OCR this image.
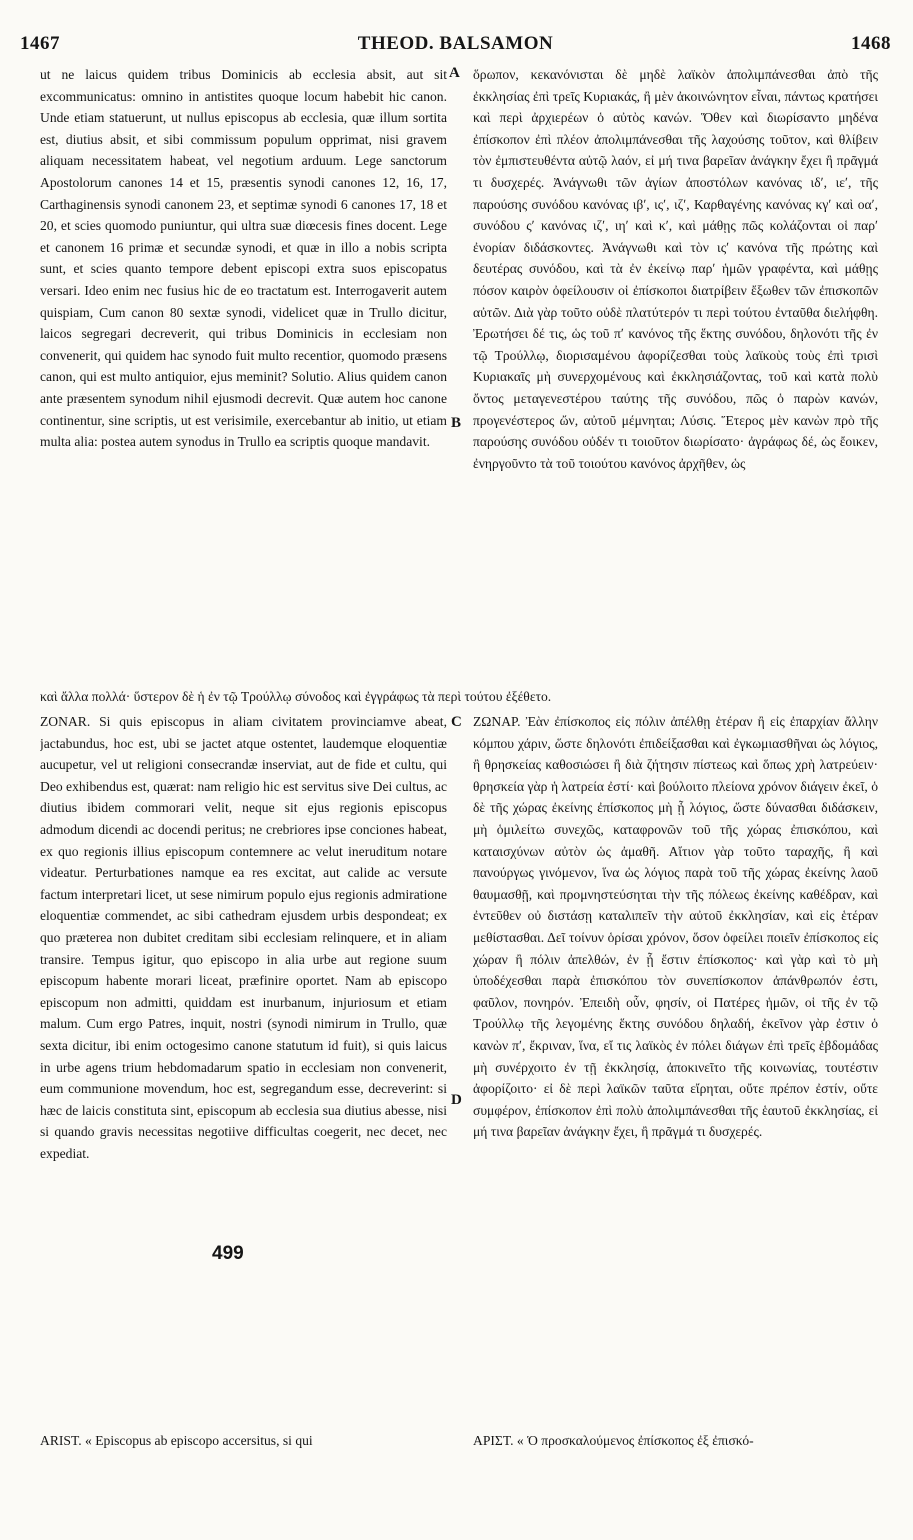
1467	THEOD. BALSAMON	1468
ut ne laicus quidem tribus Dominicis ab ecclesia absit, aut sit excommunicatus: omnino in antistites quoque locum habebit hic canon. Unde etiam statuerunt, ut nullus episcopus ab ecclesia, quæ illum sortita est, diutius absit, et sibi commissum populum opprimat, nisi gravem aliquam necessitatem habeat, vel negotium arduum. Lege sanctorum Apostolorum canones 14 et 15, præsentis synodi canones 12, 16, 17, Carthaginensis synodi canonem 23, et septimæ synodi 6 canones 17, 18 et 20, et scies quomodo puniuntur, qui ultra suæ diœcesis fines docent. Lege et canonem 16 primæ et secundæ synodi, et quæ in illo a nobis scripta sunt, et scies quanto tempore debent episcopi extra suos episcopatus versari. Ideo enim nec fusius hic de eo tractatum est. Interrogaverit autem quispiam, Cum canon 80 sextæ synodi, videlicet quæ in Trullo dicitur, laicos segregari decreverit, qui tribus Dominicis in ecclesiam non convenerit, qui quidem hac synodo fuit multo recentior, quomodo præsens canon, qui est multo antiquior, ejus meminit? Solutio. Alius quidem canon ante præsentem synodum nihil ejusmodi decrevit. Quæ autem hoc canone continentur, sine scriptis, ut est verisimile, exercebantur ab initio, ut etiam multa alia: postea autem synodus in Trullo ea scriptis quoque mandavit.
ὅρωπον, κεκανόνισται δὲ μηδὲ λαϊκὸν ἀπολιμπάνεσθαι ἀπὸ τῆς ἐκκλησίας ἐπὶ τρεῖς Κυριακάς, ἢ μὲν ἀκοινώνητον εἶναι, πάντως κρατήσει καὶ περὶ ἀρχιερέων ὁ αὐτὸς κανών. Ὅθεν καὶ διωρίσαντο μηδένα ἐπίσκοπον ἐπὶ πλέον ἀπολιμπάνεσθαι τῆς λαχούσης τοῦτον, καὶ θλίβειν τὸν ἐμπιστευθέντα αὐτῷ λαόν, εἰ μή τινα βαρεῖαν ἀνάγκην ἔχει ἢ πρᾶγμά τι δυσχερές. Ἀνάγνωθι τῶν ἁγίων ἀποστόλων κανόνας ιδʹ, ιεʹ, τῆς παρούσης συνόδου κανόνας ιβʹ, ιςʹ, ιζʹ, Καρθαγένης κανόνας κγʹ καὶ οαʹ, συνόδου ςʹ κανόνας ιζʹ, ιηʹ καὶ κʹ, καὶ μάθῃς πῶς κολάζονται οἱ παρʹ ἐνορίαν διδάσκοντες. Ἀνάγνωθι καὶ τὸν ιςʹ κανόνα τῆς πρώτης καὶ δευτέρας συνόδου, καὶ τὰ ἐν ἐκείνῳ παρʹ ἡμῶν γραφέντα, καὶ μάθῃς πόσον καιρὸν ὀφείλουσιν οἱ ἐπίσκοποι διατρίβειν ἔξωθεν τῶν ἐπισκοπῶν αὐτῶν. Διὰ γὰρ τοῦτο οὐδὲ πλατύτερόν τι περὶ τούτου ἐνταῦθα διελήφθη. Ἐρωτήσει δέ τις, ὡς τοῦ πʹ κανόνος τῆς ἕκτης συνόδου, δηλονότι τῆς ἐν τῷ Τρούλλῳ, διορισαμένου ἀφορίζεσθαι τοὺς λαϊκοὺς τοὺς ἐπὶ τρισὶ Κυριακαῖς μὴ συνερχομένους καὶ ἐκκλησιάζοντας, τοῦ καὶ κατὰ πολὺ ὄντος μεταγενεστέρου ταύτης τῆς συνόδου, πῶς ὁ παρὼν κανών, προγενέστερος ὤν, αὐτοῦ μέμνηται; Λύσις. Ἕτερος μὲν κανὼν πρὸ τῆς παρούσης συνόδου οὐδέν τι τοιοῦτον διωρίσατο· ἀγράφως δέ, ὡς ἔοικεν, ἐνηργοῦντο τὰ τοῦ τοιούτου κανόνος ἀρχῆθεν, ὡς
καὶ ἄλλα πολλά· ὕστερον δὲ ἡ ἐν τῷ Τρούλλῳ σύνοδος καὶ ἐγγράφως τὰ περὶ τούτου ἐξέθετο.
ZONAR. Si quis episcopus in aliam civitatem provinciamve abeat, jactabundus, hoc est, ubi se jactet atque ostentet, laudemque eloquentiæ aucupetur, vel ut religioni consecrandæ inserviat, aut de fide et cultu, qui Deo exhibendus est, quærat: nam religio hic est servitus sive Dei cultus, ac diutius ibidem commorari velit, neque sit ejus regionis episcopus admodum dicendi ac docendi peritus; ne crebriores ipse conciones habeat, ex quo regionis illius episcopum contemnere ac velut ineruditum notare videatur. Perturbationes namque ea res excitat, aut calide ac versute factum interpretari licet, ut sese nimirum populo ejus regionis admiratione eloquentiæ commendet, ac sibi cathedram ejusdem urbis despondeat; ex quo præterea non dubitet creditam sibi ecclesiam relinquere, et in aliam transire. Tempus igitur, quo episcopo in alia urbe aut regione suum episcopum habente morari liceat, præfinire oportet. Nam ab episcopo episcopum non admitti, quiddam est inurbanum, injuriosum et etiam malum. Cum ergo Patres, inquit, nostri (synodi nimirum in Trullo, quæ sexta dicitur, ibi enim octogesimo canone statutum id fuit), si quis laicus in urbe agens trium hebdomadarum spatio in ecclesiam non convenerit, eum communione movendum, hoc est, segregandum esse, decreverint: si hæc de laicis constituta sint, episcopum ab ecclesia sua diutius abesse, nisi si quando gravis necessitas negotiive difficultas coegerit, nec decet, nec expediat.
ΖΩΝΑΡ. Ἐὰν ἐπίσκοπος εἰς πόλιν ἀπέλθῃ ἑτέραν ἢ εἰς ἐπαρχίαν ἄλλην κόμπου χάριν, ὥστε δηλονότι ἐπιδείξασθαι καὶ ἐγκωμιασθῆναι ὡς λόγιος, ἢ θρησκείας καθοσιώσει ἢ διὰ ζήτησιν πίστεως καὶ ὅπως χρὴ λατρεύειν· θρησκεία γὰρ ἡ λατρεία ἐστί· καὶ βούλοιτο πλείονα χρόνον διάγειν ἐκεῖ, ὁ δὲ τῆς χώρας ἐκείνης ἐπίσκοπος μὴ ᾖ λόγιος, ὥστε δύνασθαι διδάσκειν, μὴ ὁμιλείτω συνεχῶς, καταφρονῶν τοῦ τῆς χώρας ἐπισκόπου, καὶ καταισχύνων αὐτὸν ὡς ἀμαθῆ. Αἴτιον γὰρ τοῦτο ταραχῆς, ἢ καὶ πανούργως γινόμενον, ἵνα ὡς λόγιος παρὰ τοῦ τῆς χώρας ἐκείνης λαοῦ θαυμασθῇ, καὶ προμνηστεύσηται τὴν τῆς πόλεως ἐκείνης καθέδραν, καὶ ἐντεῦθεν οὐ διστάσῃ καταλιπεῖν τὴν αὐτοῦ ἐκκλησίαν, καὶ εἰς ἑτέραν μεθίστασθαι. Δεῖ τοίνυν ὁρίσαι χρόνον, ὅσον ὀφείλει ποιεῖν ἐπίσκοπος εἰς χώραν ἢ πόλιν ἀπελθών, ἐν ᾗ ἔστιν ἐπίσκοπος· καὶ γὰρ καὶ τὸ μὴ ὑποδέχεσθαι παρὰ ἐπισκόπου τὸν συνεπίσκοπον ἀπάνθρωπόν ἐστι, φαῦλον, πονηρόν. Ἐπειδὴ οὖν, φησίν, οἱ Πατέρες ἡμῶν, οἱ τῆς ἐν τῷ Τρούλλῳ τῆς λεγομένης ἕκτης συνόδου δηλαδή, ἐκεῖνον γὰρ ἐστιν ὁ κανὼν πʹ, ἔκριναν, ἵνα, εἴ τις λαϊκὸς ἐν πόλει διάγων ἐπὶ τρεῖς ἑβδομάδας μὴ συνέρχοιτο ἐν τῇ ἐκκλησίᾳ, ἀποκινεῖτο τῆς κοινωνίας, τουτέστιν ἀφορίζοιτο· εἰ δὲ περὶ λαϊκῶν ταῦτα εἴρηται, οὔτε πρέπον ἐστίν, οὔτε συμφέρον, ἐπίσκοπον ἐπὶ πολὺ ἀπολιμπάνεσθαι τῆς ἑαυτοῦ ἐκκλησίας, εἰ μή τινα βαρεῖαν ἀνάγκην ἔχει, ἢ πρᾶγμά τι δυσχερές.
ARIST. « Episcopus ab episcopo accersitus, si qui	ΑΡΙΣΤ. « Ὁ προσκαλούμενος ἐπίσκοπος ἐξ ἐπισκό-
A
B
C
D
499
